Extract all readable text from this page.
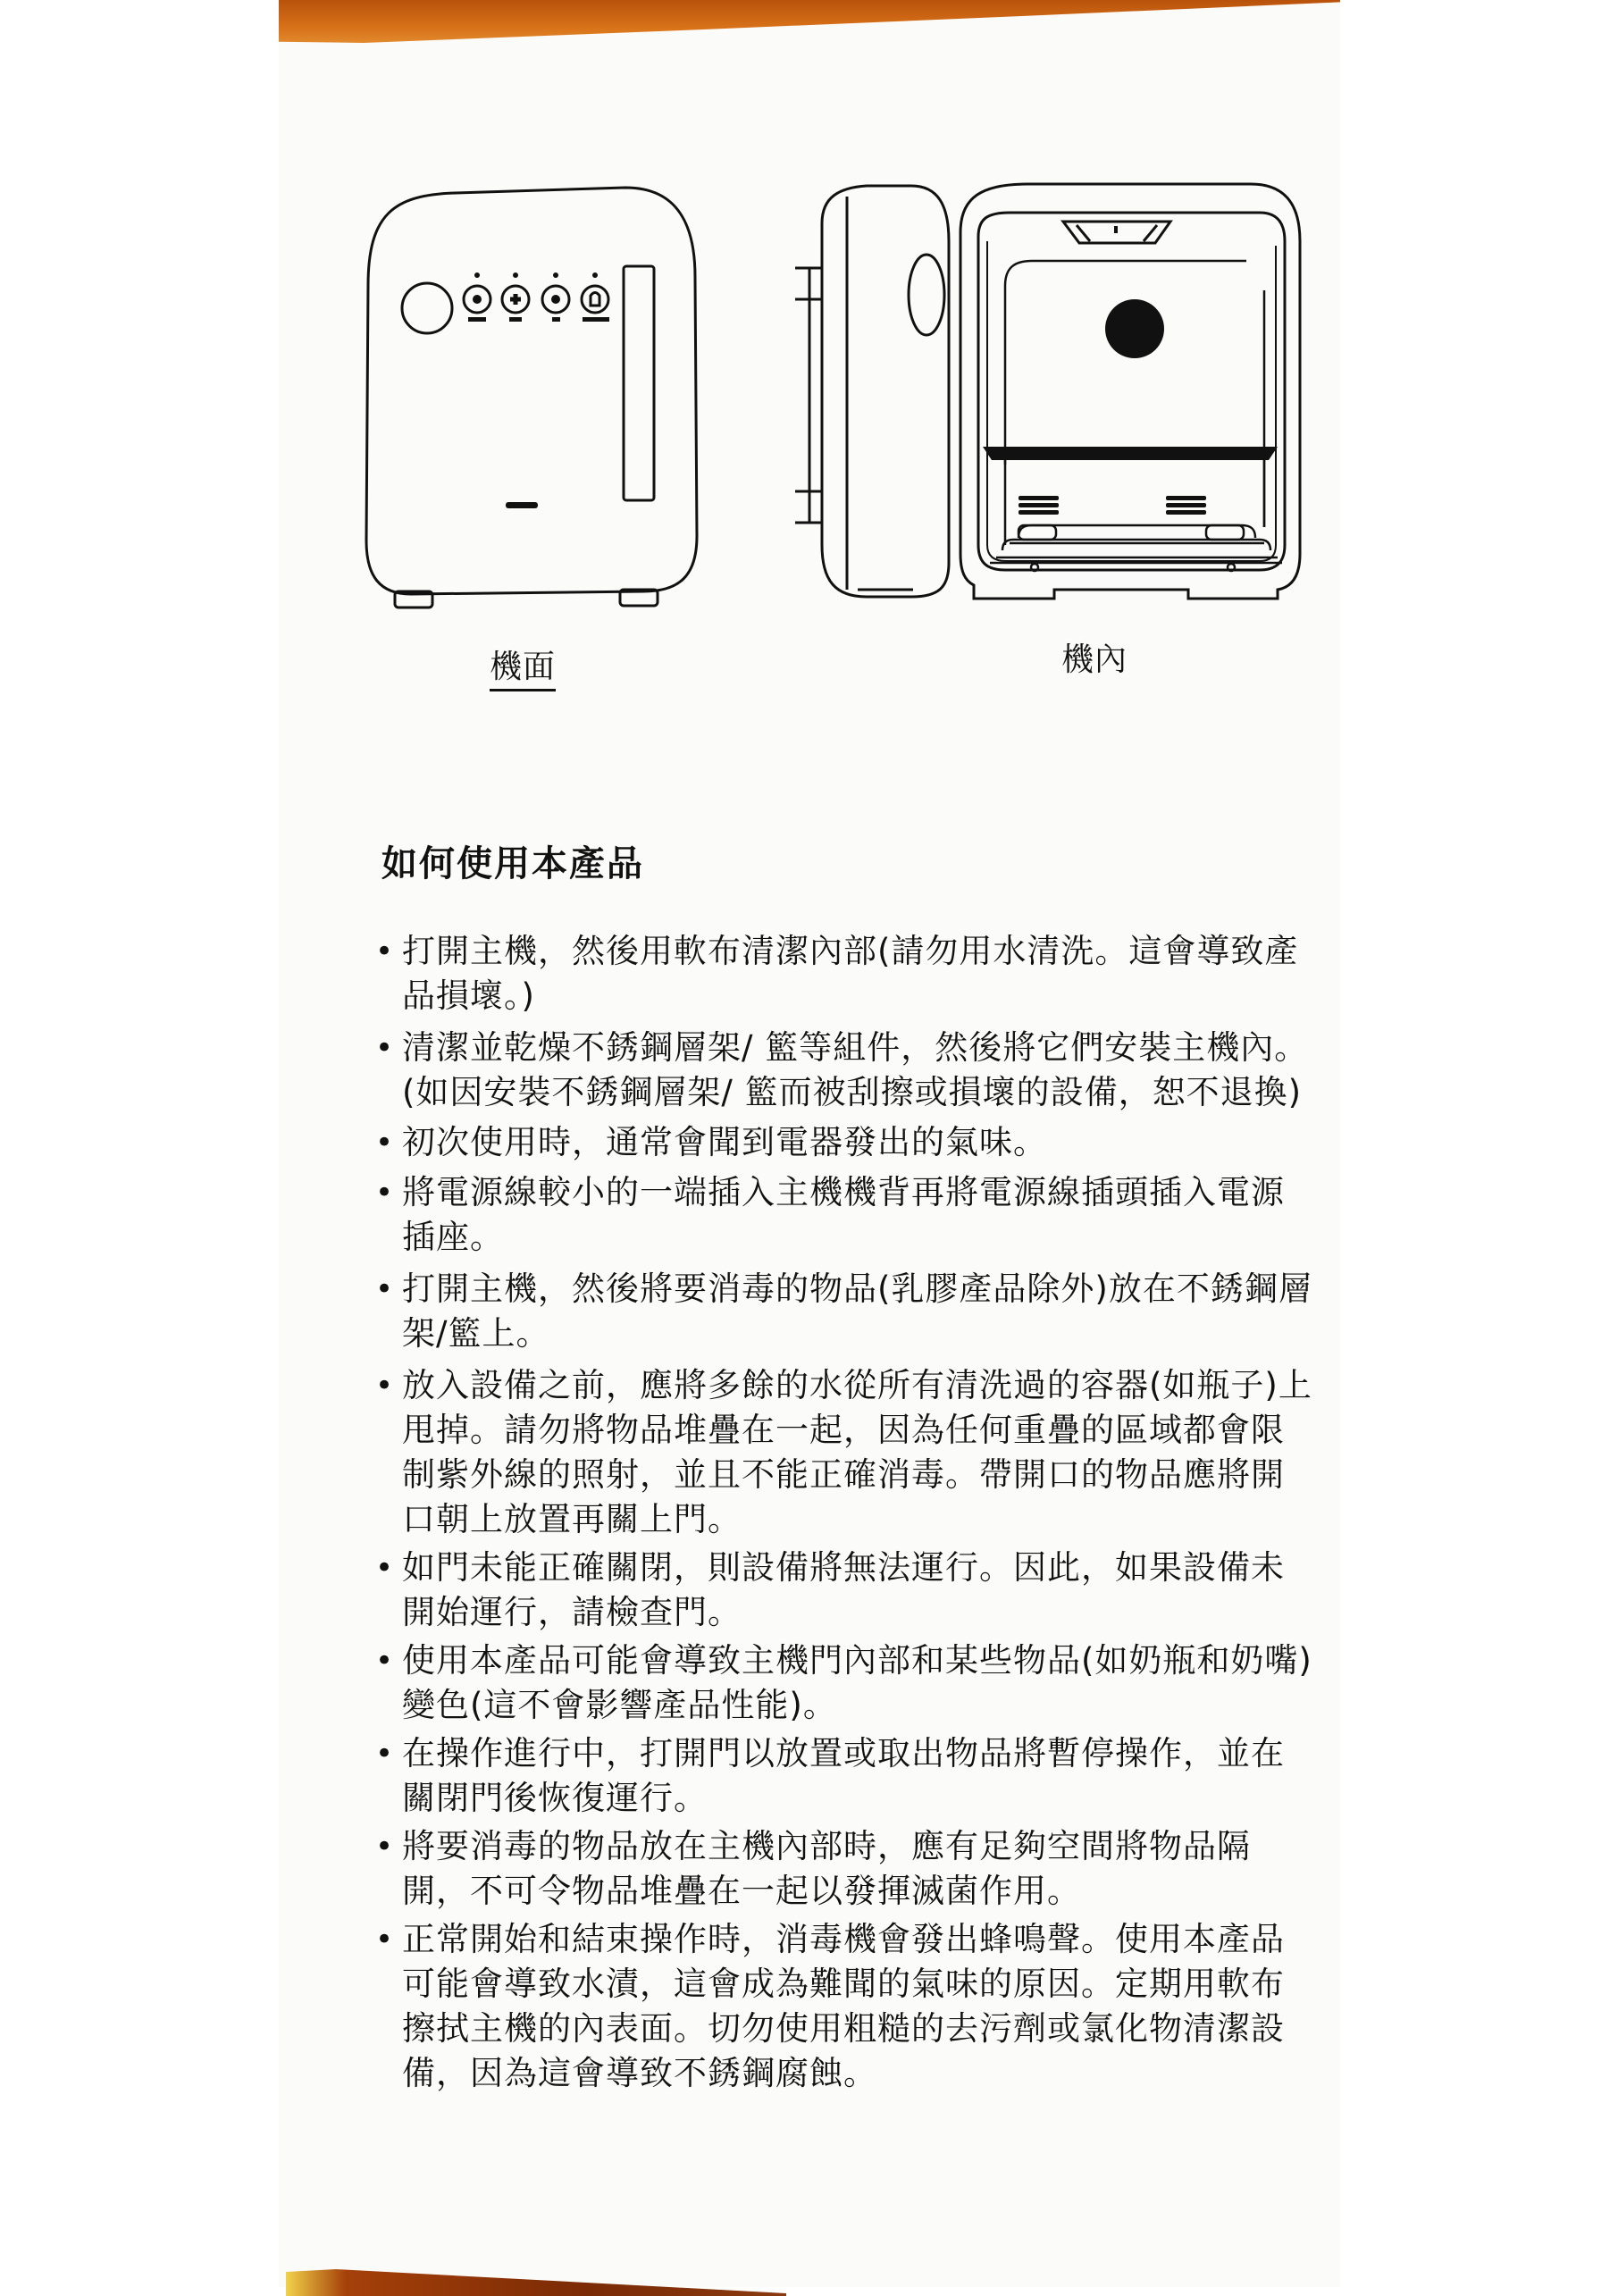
機面	機內
如何使用本產品
• 打開主機，然後用軟布清潔內部(請勿用水清洗。這會導致產品損壞。)
• 清潔並乾燥不銹鋼層架/ 籃等組件，然後將它們安裝主機內。(如因安裝不銹鋼層架/ 籃而被刮擦或損壞的設備，恕不退換)
• 初次使用時，通常會聞到電器發出的氣味。
• 將電源線較小的一端插入主機機背再將電源線插頭插入電源插座。
• 打開主機，然後將要消毒的物品(乳膠產品除外)放在不銹鋼層架/籃上。
• 放入設備之前，應將多餘的水從所有清洗過的容器(如瓶子)上甩掉。請勿將物品堆疊在一起，因為任何重疊的區域都會限制紫外線的照射，並且不能正確消毒。帶開口的物品應將開口朝上放置再關上門。
• 如門未能正確關閉，則設備將無法運行。因此，如果設備未開始運行，請檢查門。
• 使用本產品可能會導致主機門內部和某些物品(如奶瓶和奶嘴)變色(這不會影響產品性能)。
• 在操作進行中，打開門以放置或取出物品將暫停操作，並在關閉門後恢復運行。
• 將要消毒的物品放在主機內部時，應有足夠空間將物品隔開，不可令物品堆疊在一起以發揮滅菌作用。
• 正常開始和結束操作時，消毒機會發出蜂鳴聲。使用本產品可能會導致水漬，這會成為難聞的氣味的原因。定期用軟布擦拭主機的內表面。切勿使用粗糙的去污劑或氯化物清潔設備，因為這會導致不銹鋼腐蝕。
